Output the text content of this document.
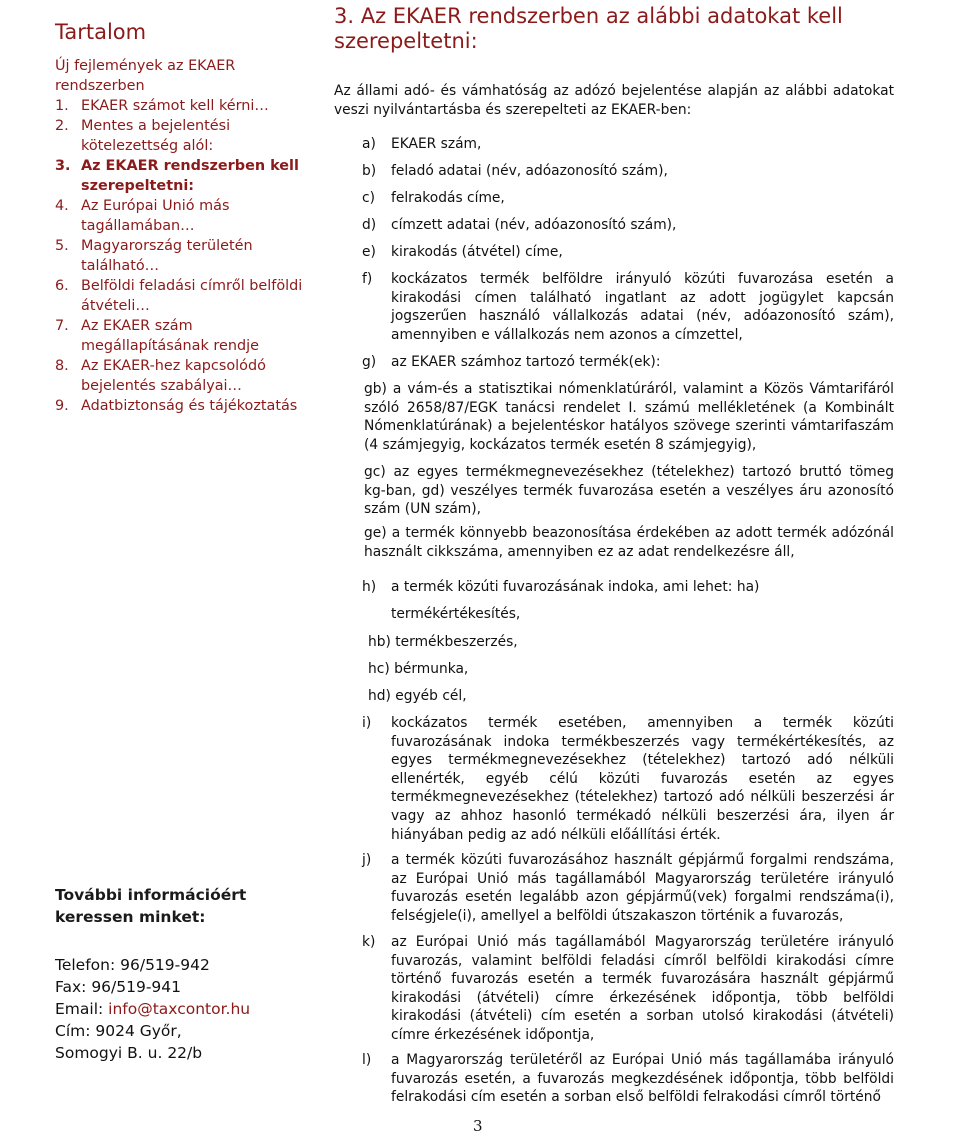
Tartalom
Új fejlemények az EKAER rendszerben
1. EKAER számot kell kérni…
2. Mentes a bejelentési kötelezettség alól:
3. Az EKAER rendszerben kell szerepeltetni:
4. Az Európai Unió más tagállamában…
5. Magyarország területén található…
6. Belföldi feladási címről belföldi átvételi…
7. Az EKAER szám megállapításának rendje
8. Az EKAER-hez kapcsolódó bejelentés szabályai…
9. Adatbiztonság és tájékoztatás
További információért keressen minket:
Telefon: 96/519-942
Fax: 96/519-941
Email: info@taxcontor.hu
Cím: 9024 Győr,
Somogyi B. u. 22/b
3. Az EKAER rendszerben az alábbi adatokat kell szerepeltetni:
Az állami adó- és vámhatóság az adózó bejelentése alapján az alábbi adatokat veszi nyilvántartásba és szerepelteti az EKAER-ben:
a)	EKAER szám,
b)	feladó adatai (név, adóazonosító szám),
c)	felrakodás címe,
d)	címzett adatai (név, adóazonosító szám),
e)	kirakodás (átvétel) címe,
f)	kockázatos termék belföldre irányuló közúti fuvarozása esetén a kirakodási címen található ingatlant az adott jogügylet kapcsán jogszerűen használó vállalkozás adatai (név, adóazonosító szám), amennyiben e vállalkozás nem azonos a címzettel,
g)	az EKAER számhoz tartozó termék(ek):
gb) a vám-és a statisztikai nómenklatúráról, valamint a Közös Vámtarifáról szóló 2658/87/EGK tanácsi rendelet I. számú mellékletének (a Kombinált Nómenklatúrának) a bejelentéskor hatályos szövege szerinti vámtarifaszám (4 számjegyig, kockázatos termék esetén 8 számjegyig),
gc) az egyes termékmegnevezésekhez (tételekhez) tartozó bruttó tömeg kg-ban, gd) veszélyes termék fuvarozása esetén a veszélyes áru azonosító szám (UN szám),
ge) a termék könnyebb beazonosítása érdekében az adott termék adózónál használt cikkszáma, amennyiben ez az adat rendelkezésre áll,
h)	a termék közúti fuvarozásának indoka, ami lehet: ha)
termékértékesítés,
hb) termékbeszerzés,
hc) bérmunka,
hd) egyéb cél,
i)	kockázatos termék esetében, amennyiben a termék közúti fuvarozásának indoka termékbeszerzés vagy termékértékesítés, az egyes termékmegnevezésekhez (tételekhez) tartozó adó nélküli ellenérték, egyéb célú közúti fuvarozás esetén az egyes termékmegnevezésekhez (tételekhez) tartozó adó nélküli beszerzési ár vagy az ahhoz hasonló termékadó nélküli beszerzési ára, ilyen ár hiányában pedig az adó nélküli előállítási érték.
j)	a termék közúti fuvarozásához használt gépjármű forgalmi rendszáma, az Európai Unió más tagállamából Magyarország területére irányuló fuvarozás esetén legalább azon gépjármű(vek) forgalmi rendszáma(i), felségjele(i), amellyel a belföldi útszakaszon történik a fuvarozás,
k)	az Európai Unió más tagállamából Magyarország területére irányuló fuvarozás, valamint belföldi feladási címről belföldi kirakodási címre történő fuvarozás esetén a termék fuvarozására használt gépjármű kirakodási (átvételi) címre érkezésének időpontja, több belföldi kirakodási (átvételi) cím esetén a sorban utolsó kirakodási (átvételi) címre érkezésének időpontja,
l)	a Magyarország területéről az Európai Unió más tagállamába irányuló fuvarozás esetén, a fuvarozás megkezdésének időpontja, több belföldi felrakodási cím esetén a sorban első belföldi felrakodási címről történő
3
